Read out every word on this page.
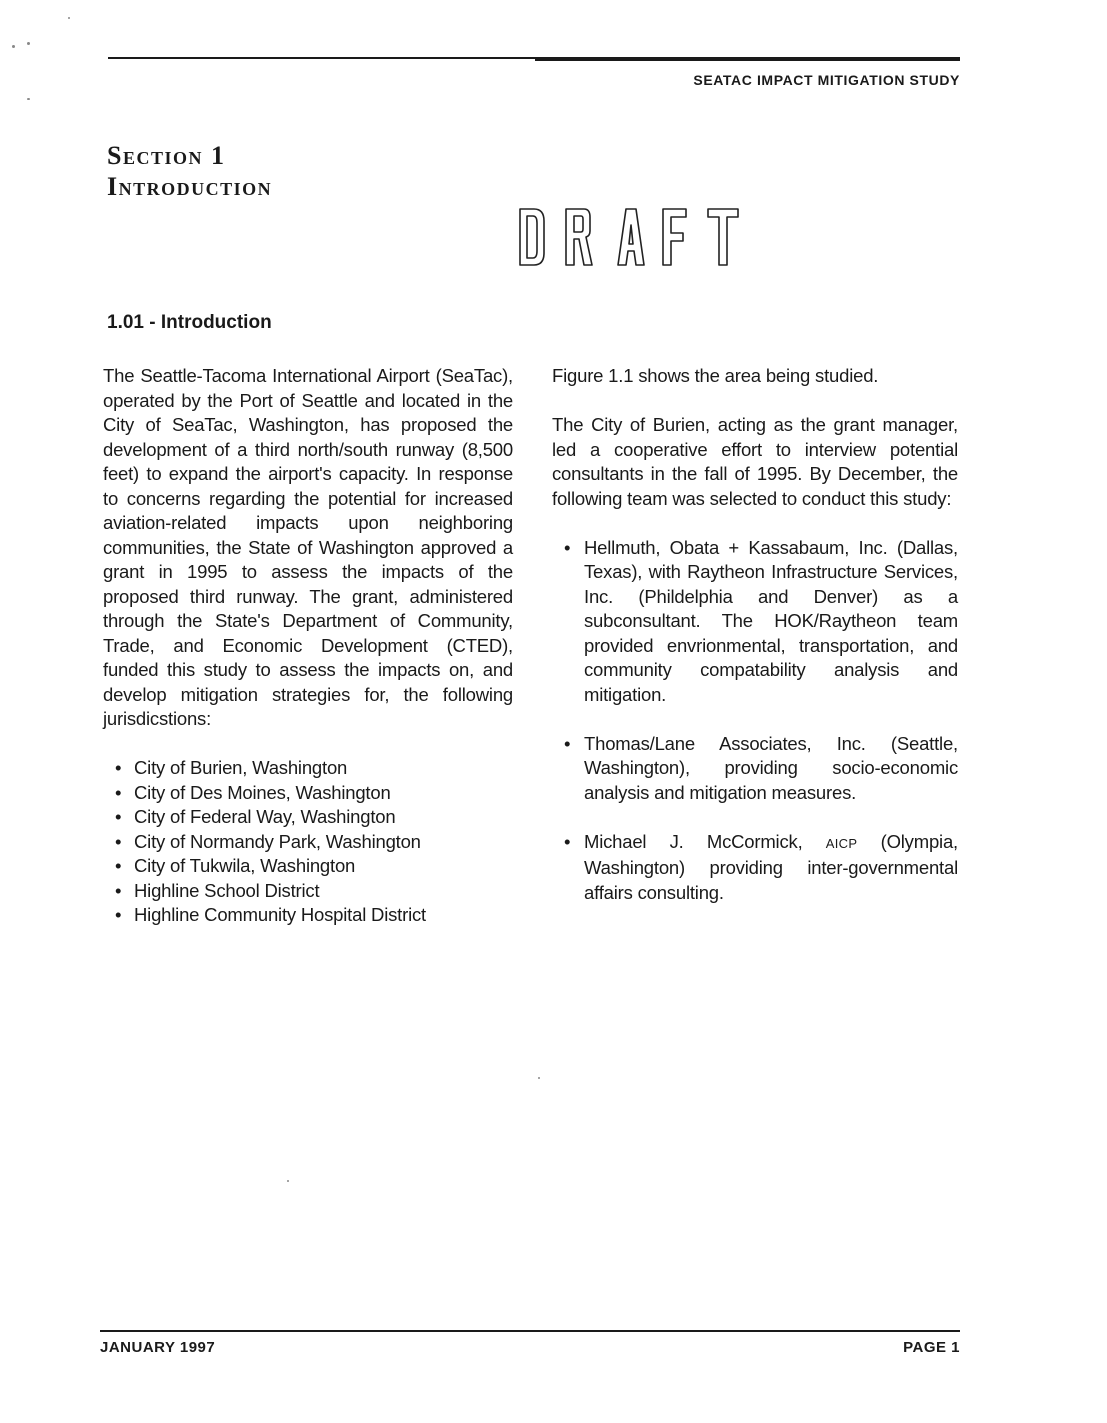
SEATAC IMPACT MITIGATION STUDY
Section 1
Introduction
1.01 - Introduction

The Seattle-Tacoma International Airport (SeaTac), operated by the Port of Seattle and located in the City of SeaTac, Washington, has proposed the development of a third north/south runway (8,500 feet) to expand the airport's capacity. In response to concerns regarding the potential for increased aviation-related impacts upon neighboring communities, the State of Washington approved a grant in 1995 to assess the impacts of the proposed third runway. The grant, administered through the State's Department of Community, Trade, and Economic Development (CTED), funded this study to assess the impacts on, and develop mitigation strategies for, the following jurisdicstions:

• City of Burien, Washington
• City of Des Moines, Washington
• City of Federal Way, Washington
• City of Normandy Park, Washington
• City of Tukwila, Washington
• Highline School District
• Highline Community Hospital District

Figure 1.1 shows the area being studied.

The City of Burien, acting as the grant manager, led a cooperative effort to interview potential consultants in the fall of 1995. By December, the following team was selected to conduct this study:

• Hellmuth, Obata + Kassabaum, Inc. (Dallas, Texas), with Raytheon Infrastructure Services, Inc. (Phildelphia and Denver) as a subconsultant. The HOK/Raytheon team provided envrionmental, transportation, and community compatability analysis and mitigation.
• Thomas/Lane Associates, Inc. (Seattle, Washington), providing socio-economic analysis and mitigation measures.
• Michael J. McCormick, AICP (Olympia, Washington) providing inter-governmental affairs consulting.
JANUARY 1997	PAGE 1
